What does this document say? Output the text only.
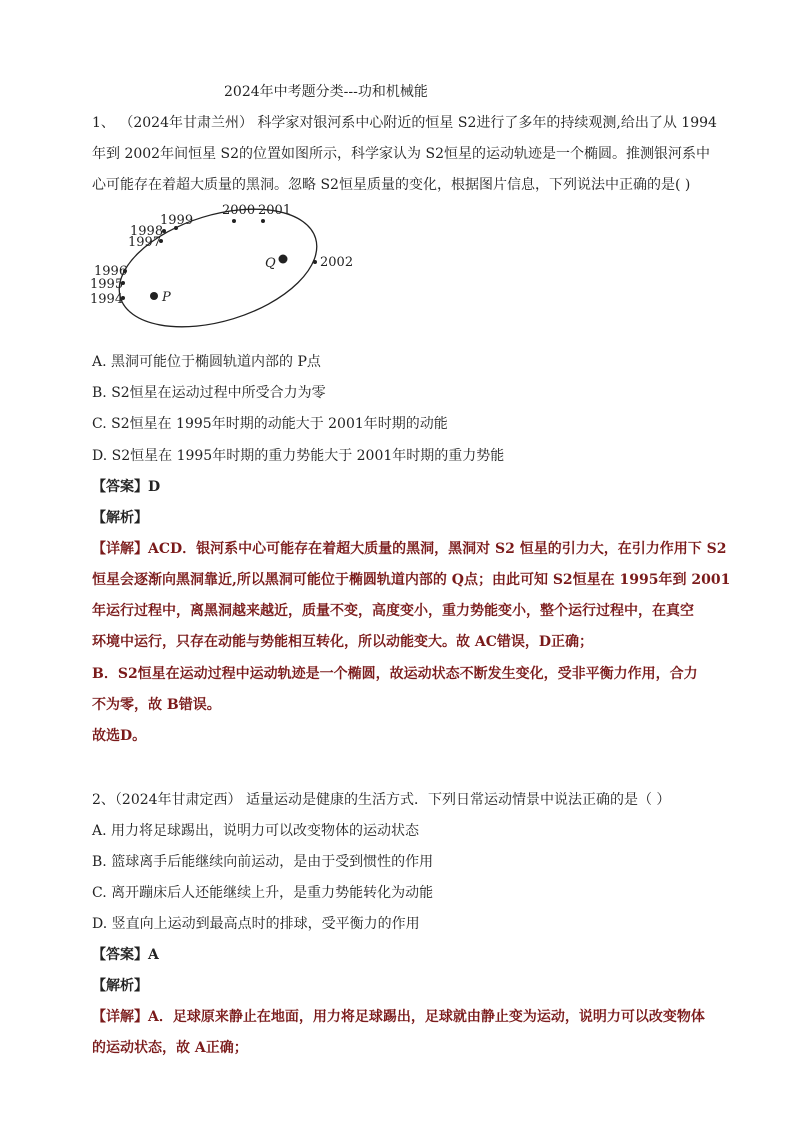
2024年中考题分类---功和机械能
1、 （2024年甘肃兰州） 科学家对银河系中心附近的恒星 S2进行了多年的持续观测,给出了从 1994
年到 2002年间恒星 S2的位置如图所示，科学家认为 S2恒星的运动轨迹是一个椭圆。推测银河系中
心可能存在着超大质量的黑洞。忽略 S2恒星质量的变化，根据图片信息，下列说法中正确的是( )
1994
1995
1996
1997
1998
1999
2000 2001
2002
P
Q
A. 黑洞可能位于椭圆轨道内部的 P点
B. S2恒星在运动过程中所受合力为零
C. S2恒星在 1995年时期的动能大于 2001年时期的动能
D. S2恒星在 1995年时期的重力势能大于 2001年时期的重力势能
【答案】D
【解析】
【详解】ACD．银河系中心可能存在着超大质量的黑洞，黑洞对 S2 恒星的引力大，在引力作用下 S2
恒星会逐渐向黑洞靠近,所以黑洞可能位于椭圆轨道内部的 Q点；由此可知 S2恒星在 1995年到 2001
年运行过程中，离黑洞越来越近，质量不变，高度变小，重力势能变小，整个运行过程中，在真空
环境中运行，只存在动能与势能相互转化，所以动能变大。故 AC错误，D正确；
B．S2恒星在运动过程中运动轨迹是一个椭圆，故运动状态不断发生变化，受非平衡力作用，合力
不为零，故 B错误。
故选D。
2、（2024年甘肃定西） 适量运动是健康的生活方式．下列日常运动情景中说法正确的是（ ）
A. 用力将足球踢出，说明力可以改变物体的运动状态
B. 篮球离手后能继续向前运动，是由于受到惯性的作用
C. 离开蹦床后人还能继续上升，是重力势能转化为动能
D. 竖直向上运动到最高点时的排球，受平衡力的作用
【答案】A
【解析】
【详解】A．足球原来静止在地面，用力将足球踢出，足球就由静止变为运动，说明力可以改变物体
的运动状态，故 A正确；
